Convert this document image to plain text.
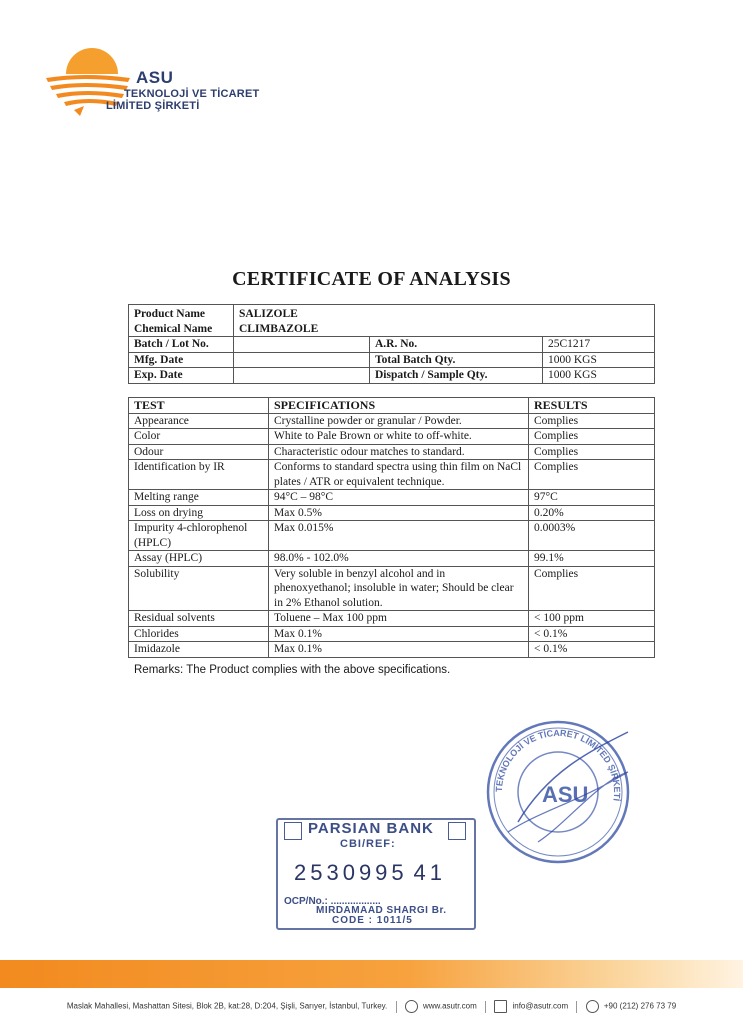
ASU
TEKNOLOJİ VE TİCARET
LİMİTED ŞİRKETİ
CERTIFICATE OF ANALYSIS
Product Name	SALIZOLE		
Chemical Name	CLIMBAZOLE		
Batch / Lot No.		A.R. No.	25C1217
Mfg. Date		Total Batch Qty.	1000 KGS
Exp. Date		Dispatch / Sample Qty.	1000 KGS
TEST	SPECIFICATIONS	RESULTS
Appearance	Crystalline powder or granular / Powder.	Complies
Color	White to Pale Brown or white to off-white.	Complies
Odour	Characteristic odour matches to standard.	Complies
Identification by IR	Conforms to standard spectra using thin film on NaCl plates / ATR or equivalent technique.	Complies
Melting range	94°C – 98°C	97°C
Loss on drying	Max 0.5%	0.20%
Impurity 4-chlorophenol (HPLC)	Max 0.015%	0.0003%
Assay (HPLC)	98.0% - 102.0%	99.1%
Solubility	Very soluble in benzyl alcohol and in phenoxyethanol; insoluble in water; Should be clear in 2% Ethanol solution.	Complies
Residual solvents	Toluene – Max 100 ppm	< 100 ppm
Chlorides	Max 0.1%	< 0.1%
Imidazole	Max 0.1%	< 0.1%
Remarks: The Product complies with the above specifications.
TEKNOLOJİ VE TİCARET LİMİTED ŞİRKETİ
ASU
PARSIAN BANK
CBI/REF:
2530995 41
OCP/No.: ..................
MIRDAMAAD SHARGI Br.
CODE : 1011/5
Maslak Mahallesi, Mashattan Sitesi, Blok 2B, kat:28, D:204, Şişli, Sarıyer, İstanbul, Turkey.	www.asutr.com	info@asutr.com	+90 (212) 276 73 79
